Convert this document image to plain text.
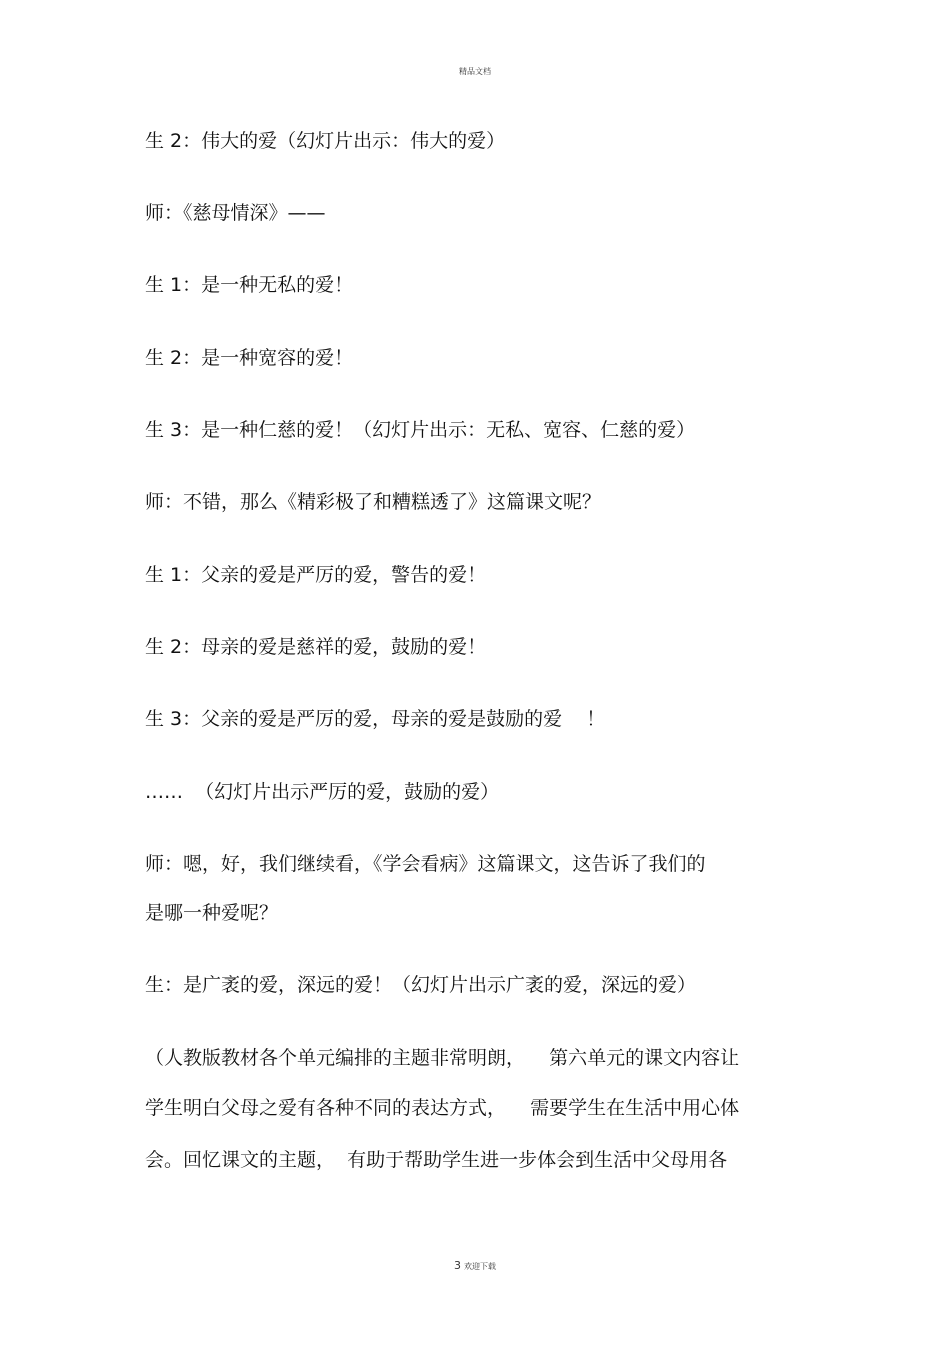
精品文档
生 2：伟大的爱（幻灯片出示：伟大的爱）
师：《慈母情深》——
生 1：是一种无私的爱！
生 2：是一种宽容的爱！
生 3：是一种仁慈的爱！（幻灯片出示：无私、宽容、仁慈的爱）
师：不错，那么《精彩极了和糟糕透了》这篇课文呢？
生 1：父亲的爱是严厉的爱，警告的爱！
生 2：母亲的爱是慈祥的爱，鼓励的爱！
生 3：父亲的爱是严厉的爱，母亲的爱是鼓励的爱    ！
……  （幻灯片出示严厉的爱，鼓励的爱）
师：嗯，好，我们继续看，《学会看病》这篇课文，这告诉了我们的
是哪一种爱呢？
生：是广袤的爱，深远的爱！（幻灯片出示广袤的爱，深远的爱）
（人教版教材各个单元编排的主题非常明朗，    第六单元的课文内容让
学生明白父母之爱有各种不同的表达方式，    需要学生在生活中用心体
会。回忆课文的主题，  有助于帮助学生进一步体会到生活中父母用各
3 欢迎下载
